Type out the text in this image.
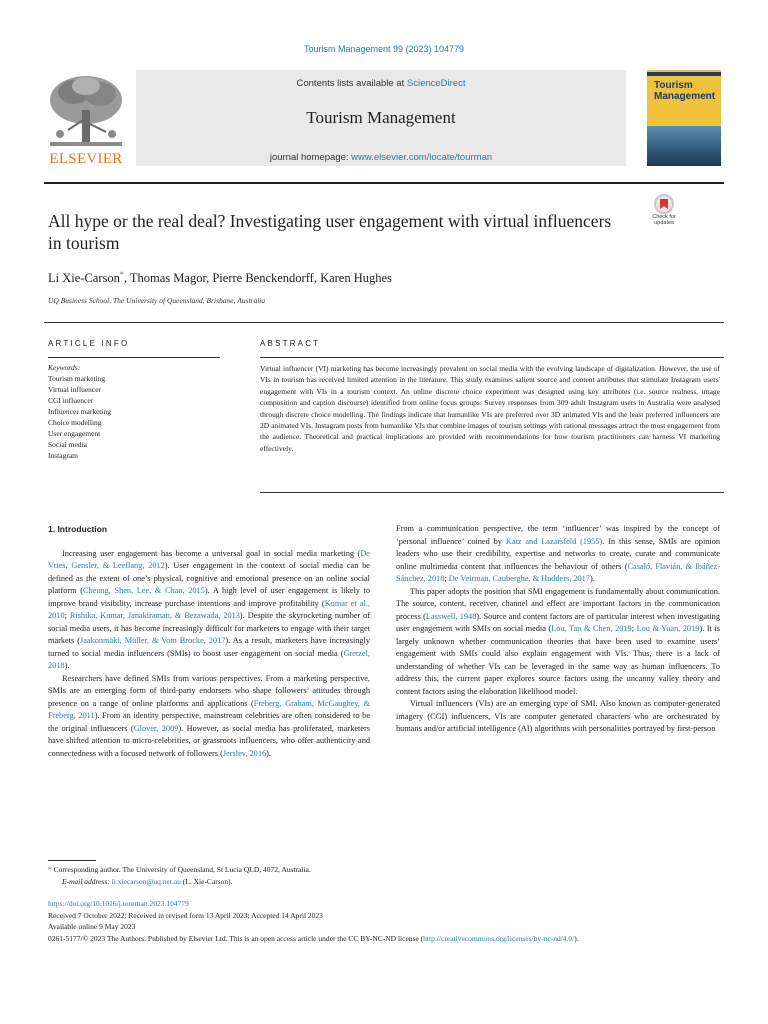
Tourism Management 99 (2023) 104779
ELSEVIER
Contents lists available at ScienceDirect
Tourism Management
journal homepage: www.elsevier.com/locate/tourman
Tourism
Management
All hype or the real deal? Investigating user engagement with virtual influencers in tourism
Check for
updates
Li Xie-Carson*, Thomas Magor, Pierre Benckendorff, Karen Hughes
UQ Business School, The University of Queensland, Brisbane, Australia
ARTICLE INFO	ABSTRACT
Keywords:
Tourism marketing
Virtual influencer
CGI influencer
Influencer marketing
Choice modelling
User engagement
Social media
Instagram
Virtual influencer (VI) marketing has become increasingly prevalent on social media with the evolving landscape of digitalization. However, the use of VIs in tourism has received limited attention in the literature. This study examines salient source and content attributes that stimulate Instagram users' engagement with VIs in a tourism context. An online discrete choice experiment was designed using key attributes (i.e. source realness, image composition and caption discourse) identified from online focus groups. Survey responses from 309 adult Instagram users in Australia were analysed through discrete choice modelling. The findings indicate that humanlike VIs are preferred over 3D animated VIs and the least preferred influencers are 2D animated VIs. Instagram posts from humanlike VIs that combine images of tourism settings with rational messages attract the most engagement from the audience. Theoretical and practical implications are provided with recommendations for how tourism practitioners can harness VI marketing effectively.
1. Introduction

Increasing user engagement has become a universal goal in social media marketing (De Vries, Gensler, & Leeflang, 2012). User engagement in the context of social media can be defined as the extent of one’s physical, cognitive and emotional presence on an online social platform (Cheung, Shen, Lee, & Chan, 2015). A high level of user engagement is likely to improve brand visibility, increase purchase intentions and improve profitability (Kumar et al., 2010; Rishika, Kumar, Janakiraman, & Bezawada, 2013). Despite the skyrocketing number of social media users, it has become increasingly difficult for marketers to engage with their target markets (Jaakonmäki, Müller, & Vom Brocke, 2017). As a result, marketers have increasingly turned to social media influencers (SMIs) to boost user engagement on social media (Gretzel, 2018).

Researchers have defined SMIs from various perspectives. From a marketing perspective, SMIs are an emerging form of third-party endorsers who shape followers’ attitudes through presence on a range of online platforms and applications (Freberg, Graham, McGaughey, & Freberg, 2011). From an identity perspective, mainstream celebrities are often considered to be the original influencers (Glover, 2009). However, as social media has proliferated, marketers have shifted attention to micro-celebrities, or grassroots influencers, who offer authenticity and connectedness with a focused network of followers (Jerslev, 2016).

From a communication perspective, the term ‘influencer’ was inspired by the concept of ‘personal influence’ coined by Katz and Lazarsfeld (1955). In this sense, SMIs are opinion leaders who use their credibility, expertise and networks to create, curate and communicate online multimedia content that influences the behaviour of others (Casaló, Flavián, & Ibáñez-Sánchez, 2018; De Veirman, Cauberghe, & Hudders, 2017).

This paper adopts the position that SMI engagement is fundamentally about communication. The source, content, receiver, channel and effect are important factors in the communication process (Lasswell, 1948). Source and content factors are of particular interest when investigating user engagement with SMIs on social media (Lou, Tan & Chen, 2019; Lou & Yuan, 2019). It is largely unknown whether communication theories that have been used to examine users’ engagement with SMIs could also explain engagement with VIs. Thus, there is a lack of understanding of whether VIs can be leveraged in the same way as human influencers. To address this, the current paper explores source factors using the uncanny valley theory and content factors using the elaboration likelihood model.

Virtual influencers (VIs) are an emerging type of SMI. Also known as computer-generated imagery (CGI) influencers, VIs are computer generated characters who are orchestrated by humans and/or artificial intelligence (AI) algorithms with personalities portrayed by first-person

* Corresponding author. The University of Queensland, St Lucia QLD, 4072, Australia.
E-mail address: li.xiecarson@uq.net.au (L. Xie-Carson).
https://doi.org/10.1016/j.tourman.2023.104779
Received 7 October 2022; Received in revised form 13 April 2023; Accepted 14 April 2023
Available online 9 May 2023
0261-5177/© 2023 The Authors. Published by Elsevier Ltd. This is an open access article under the CC BY-NC-ND license (http://creativecommons.org/licenses/by-nc-nd/4.0/).
